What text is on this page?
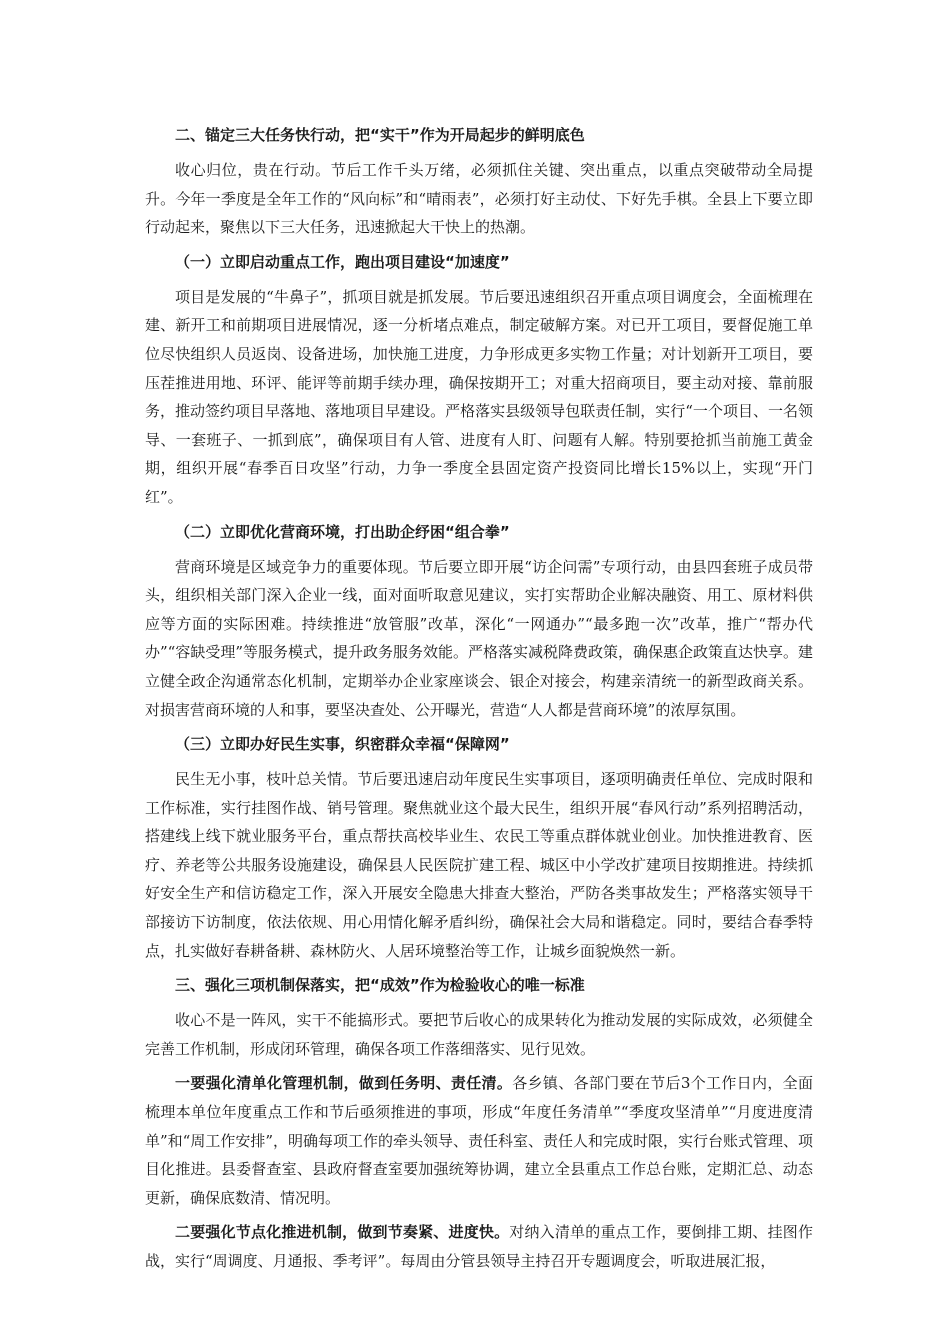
二、锚定三大任务快行动，把“实干”作为开局起步的鲜明底色

收心归位，贵在行动。节后工作千头万绪，必须抓住关键、突出重点，以重点突破带动全局提升。今年一季度是全年工作的“风向标”和“晴雨表”，必须打好主动仗、下好先手棋。全县上下要立即行动起来，聚焦以下三大任务，迅速掀起大干快上的热潮。

（一）立即启动重点工作，跑出项目建设“加速度”

项目是发展的“牛鼻子”，抓项目就是抓发展。节后要迅速组织召开重点项目调度会，全面梳理在建、新开工和前期项目进展情况，逐一分析堵点难点，制定破解方案。对已开工项目，要督促施工单位尽快组织人员返岗、设备进场，加快施工进度，力争形成更多实物工作量；对计划新开工项目，要压茬推进用地、环评、能评等前期手续办理，确保按期开工；对重大招商项目，要主动对接、靠前服务，推动签约项目早落地、落地项目早建设。严格落实县级领导包联责任制，实行“一个项目、一名领导、一套班子、一抓到底”，确保项目有人管、进度有人盯、问题有人解。特别要抢抓当前施工黄金期，组织开展“春季百日攻坚”行动，力争一季度全县固定资产投资同比增长15%以上，实现“开门红”。

（二）立即优化营商环境，打出助企纾困“组合拳”

营商环境是区域竞争力的重要体现。节后要立即开展“访企问需”专项行动，由县四套班子成员带头，组织相关部门深入企业一线，面对面听取意见建议，实打实帮助企业解决融资、用工、原材料供应等方面的实际困难。持续推进“放管服”改革，深化“一网通办”“最多跑一次”改革，推广“帮办代办”“容缺受理”等服务模式，提升政务服务效能。严格落实减税降费政策，确保惠企政策直达快享。建立健全政企沟通常态化机制，定期举办企业家座谈会、银企对接会，构建亲清统一的新型政商关系。对损害营商环境的人和事，要坚决查处、公开曝光，营造“人人都是营商环境”的浓厚氛围。

（三）立即办好民生实事，织密群众幸福“保障网”

民生无小事，枝叶总关情。节后要迅速启动年度民生实事项目，逐项明确责任单位、完成时限和工作标准，实行挂图作战、销号管理。聚焦就业这个最大民生，组织开展“春风行动”系列招聘活动，搭建线上线下就业服务平台，重点帮扶高校毕业生、农民工等重点群体就业创业。加快推进教育、医疗、养老等公共服务设施建设，确保县人民医院扩建工程、城区中小学改扩建项目按期推进。持续抓好安全生产和信访稳定工作，深入开展安全隐患大排查大整治，严防各类事故发生；严格落实领导干部接访下访制度，依法依规、用心用情化解矛盾纠纷，确保社会大局和谐稳定。同时，要结合春季特点，扎实做好春耕备耕、森林防火、人居环境整治等工作，让城乡面貌焕然一新。

三、强化三项机制保落实，把“成效”作为检验收心的唯一标准

收心不是一阵风，实干不能搞形式。要把节后收心的成果转化为推动发展的实际成效，必须健全完善工作机制，形成闭环管理，确保各项工作落细落实、见行见效。

一要强化清单化管理机制，做到任务明、责任清。各乡镇、各部门要在节后3个工作日内，全面梳理本单位年度重点工作和节后亟须推进的事项，形成“年度任务清单”“季度攻坚清单”“月度进度清单”和“周工作安排”，明确每项工作的牵头领导、责任科室、责任人和完成时限，实行台账式管理、项目化推进。县委督查室、县政府督查室要加强统筹协调，建立全县重点工作总台账，定期汇总、动态更新，确保底数清、情况明。

二要强化节点化推进机制，做到节奏紧、进度快。对纳入清单的重点工作，要倒排工期、挂图作战，实行“周调度、月通报、季考评”。每周由分管县领导主持召开专题调度会，听取进展汇报，
